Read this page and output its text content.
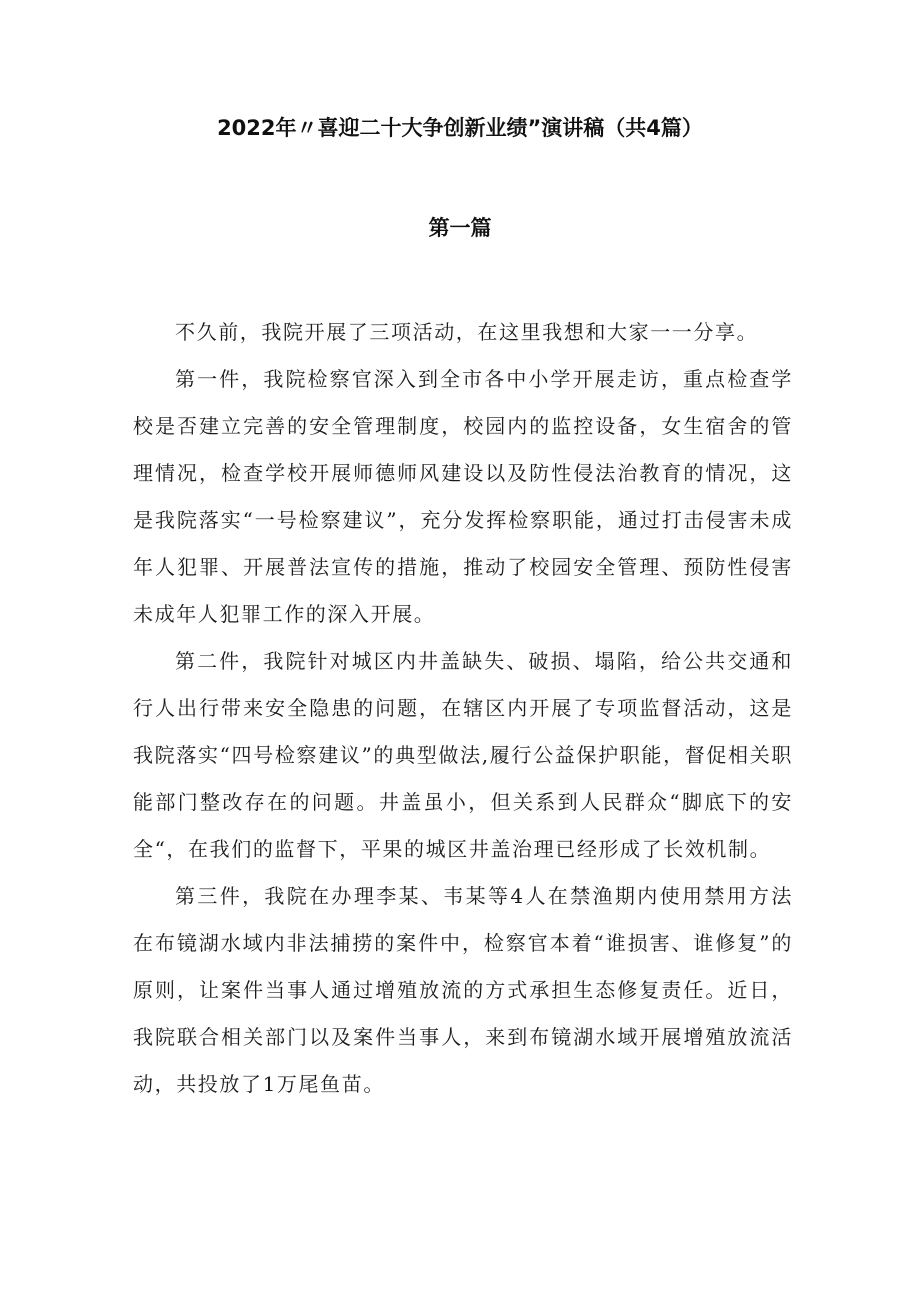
2022年〃喜迎二十大争创新业绩”演讲稿（共4篇）
第一篇

不久前，我院开展了三项活动，在这里我想和大家一一分享。

第一件，我院检察官深入到全市各中小学开展走访，重点检查学校是否建立完善的安全管理制度，校园内的监控设备，女生宿舍的管理情况，检查学校开展师德师风建设以及防性侵法治教育的情况，这是我院落实“一号检察建议”，充分发挥检察职能，通过打击侵害未成年人犯罪、开展普法宣传的措施，推动了校园安全管理、预防性侵害未成年人犯罪工作的深入开展。

第二件，我院针对城区内井盖缺失、破损、塌陷，给公共交通和行人出行带来安全隐患的问题，在辖区内开展了专项监督活动，这是我院落实“四号检察建议”的典型做法,履行公益保护职能，督促相关职能部门整改存在的问题。井盖虽小，但关系到人民群众“脚底下的安全“，在我们的监督下，平果的城区井盖治理已经形成了长效机制。

第三件，我院在办理李某、韦某等4人在禁渔期内使用禁用方法在布镜湖水域内非法捕捞的案件中，检察官本着“谁损害、谁修复”的原则，让案件当事人通过增殖放流的方式承担生态修复责任。近日，我院联合相关部门以及案件当事人，来到布镜湖水域开展增殖放流活动，共投放了1万尾鱼苗。
